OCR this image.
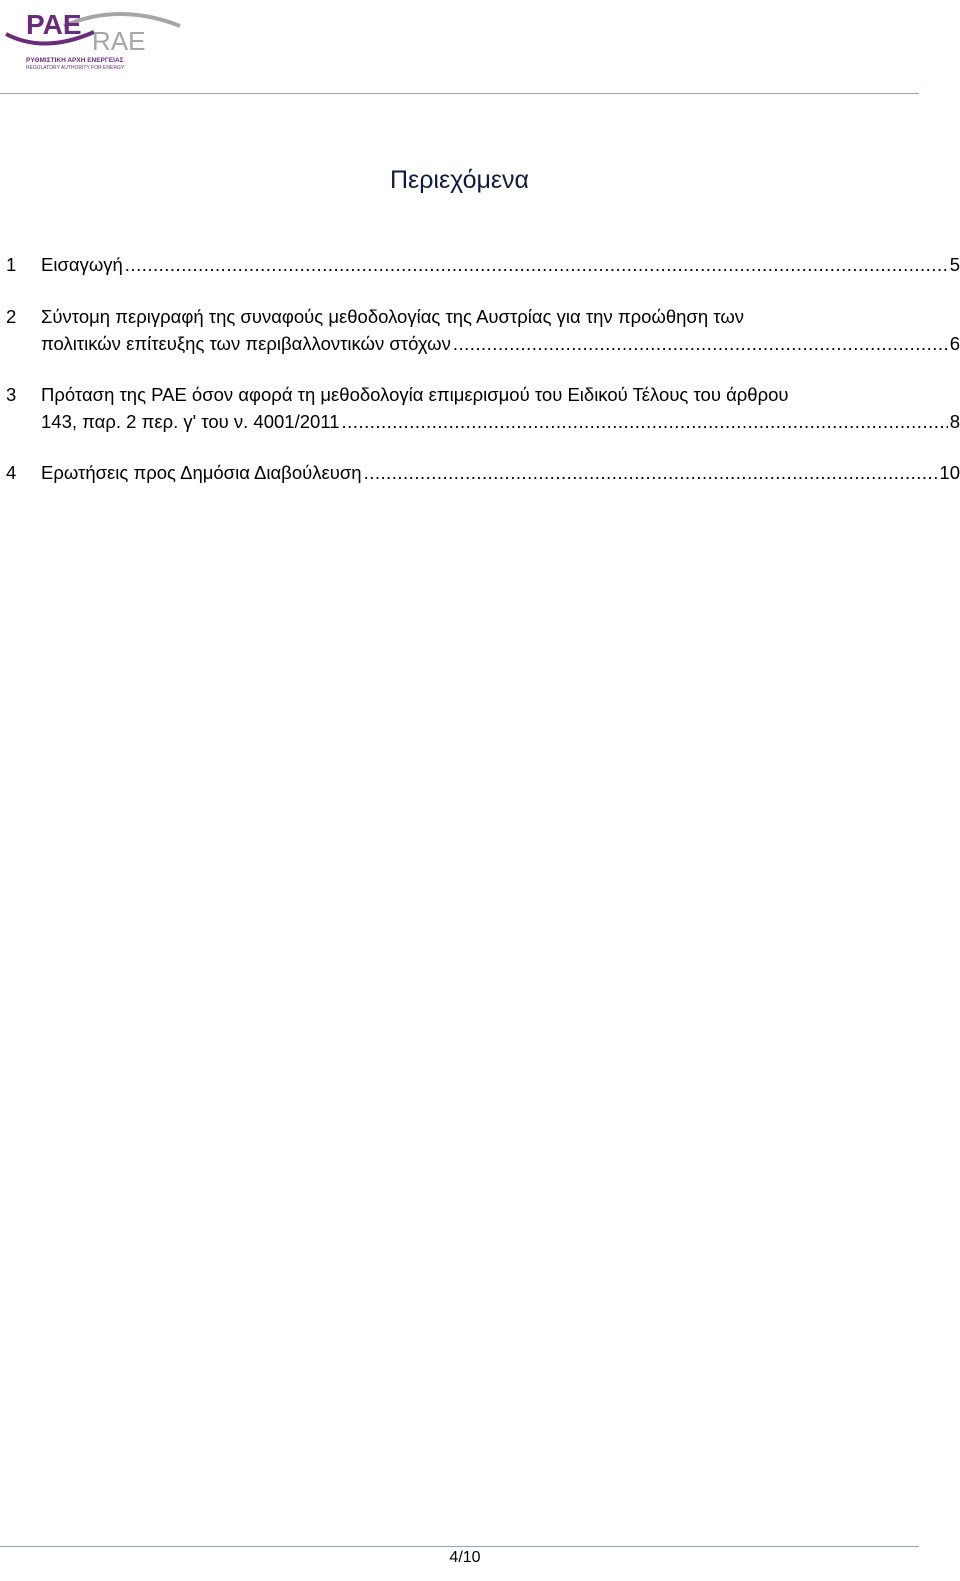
PAE
RAE
ΡΥΘΜΙΣΤΙΚΗ ΑΡΧΗ ΕΝΕΡΓΕΙΑΣ
REGULATORY AUTHORITY FOR ENERGY
Περιεχόμενα
1 Εισαγωγή .....	5
2 Σύντομη περιγραφή της συναφούς μεθοδολογίας της Αυστρίας για την προώθηση των
πολιτικών επίτευξης των περιβαλλοντικών στόχων .....	6
3 Πρόταση της ΡΑΕ όσον αφορά τη μεθοδολογία επιμερισμού του Ειδικού Τέλους του άρθρου
143, παρ. 2 περ. γ' του ν. 4001/2011 .....	8
4 Ερωτήσεις προς Δημόσια Διαβούλευση .....	10
4/10
